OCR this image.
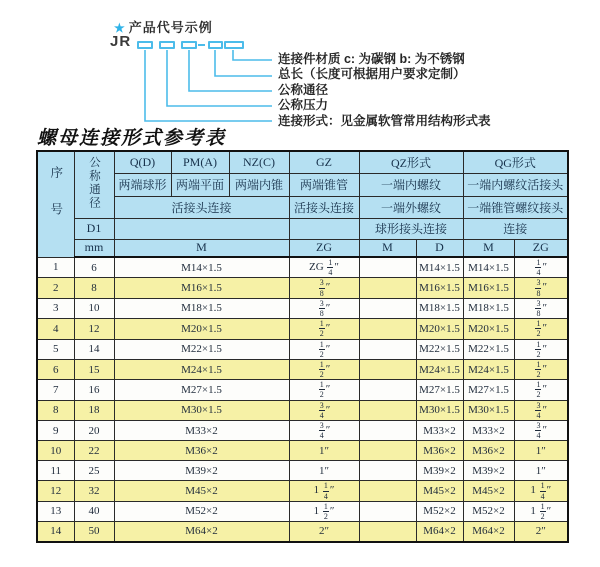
★ 产品代号示例
JR
连接件材质 c: 为碳钢 b: 为不锈钢
总长（长度可根据用户要求定制）
公称通径
公称压力
连接形式：见金属软管常用结构形式表
螺母连接形式参考表
序号	公称通径	Q(D)	PM(A)	NZ(C)	GZ	QZ形式		QG形式	
		两端球形	两端平面	两端内锥	两端锥管	一端内螺纹		一端内螺纹活接头	
		活接头连接			活接头连接	一端外螺纹		一端锥管螺纹接头	
	D1					球形接头连接		连接	
	mm	M			ZG	M	D	M	ZG
1	6	M14×1.5			ZG $\frac{1}{4}$ ″		M14×1.5	M14×1.5	$\frac{1}{4}$ ″
2	8	M16×1.5			$\frac{3}{8}$ ″		M16×1.5	M16×1.5	$\frac{3}{8}$ ″
3	10	M18×1.5			$\frac{3}{8}$ ″		M18×1.5	M18×1.5	$\frac{3}{8}$ ″
4	12	M20×1.5			$\frac{1}{2}$ ″		M20×1.5	M20×1.5	$\frac{1}{2}$ ″
5	14	M22×1.5			$\frac{1}{2}$ ″		M22×1.5	M22×1.5	$\frac{1}{2}$ ″
6	15	M24×1.5			$\frac{1}{2}$ ″		M24×1.5	M24×1.5	$\frac{1}{2}$ ″
7	16	M27×1.5			$\frac{1}{2}$ ″		M27×1.5	M27×1.5	$\frac{1}{2}$ ″
8	18	M30×1.5			$\frac{3}{4}$ ″		M30×1.5	M30×1.5	$\frac{3}{4}$ ″
9	20	M33×2			$\frac{3}{4}$ ″		M33×2	M33×2	$\frac{3}{4}$ ″
10	22	M36×2			1″		M36×2	M36×2	1″
11	25	M39×2			1″		M39×2	M39×2	1″
12	32	M45×2			$1 \frac{1}{4}$ ″		M45×2	M45×2	$1 \frac{1}{4}$ ″
13	40	M52×2			$1 \frac{1}{2}$ ″		M52×2	M52×2	$1 \frac{1}{2}$ ″
14	50	M64×2			2″		M64×2	M64×2	2″
